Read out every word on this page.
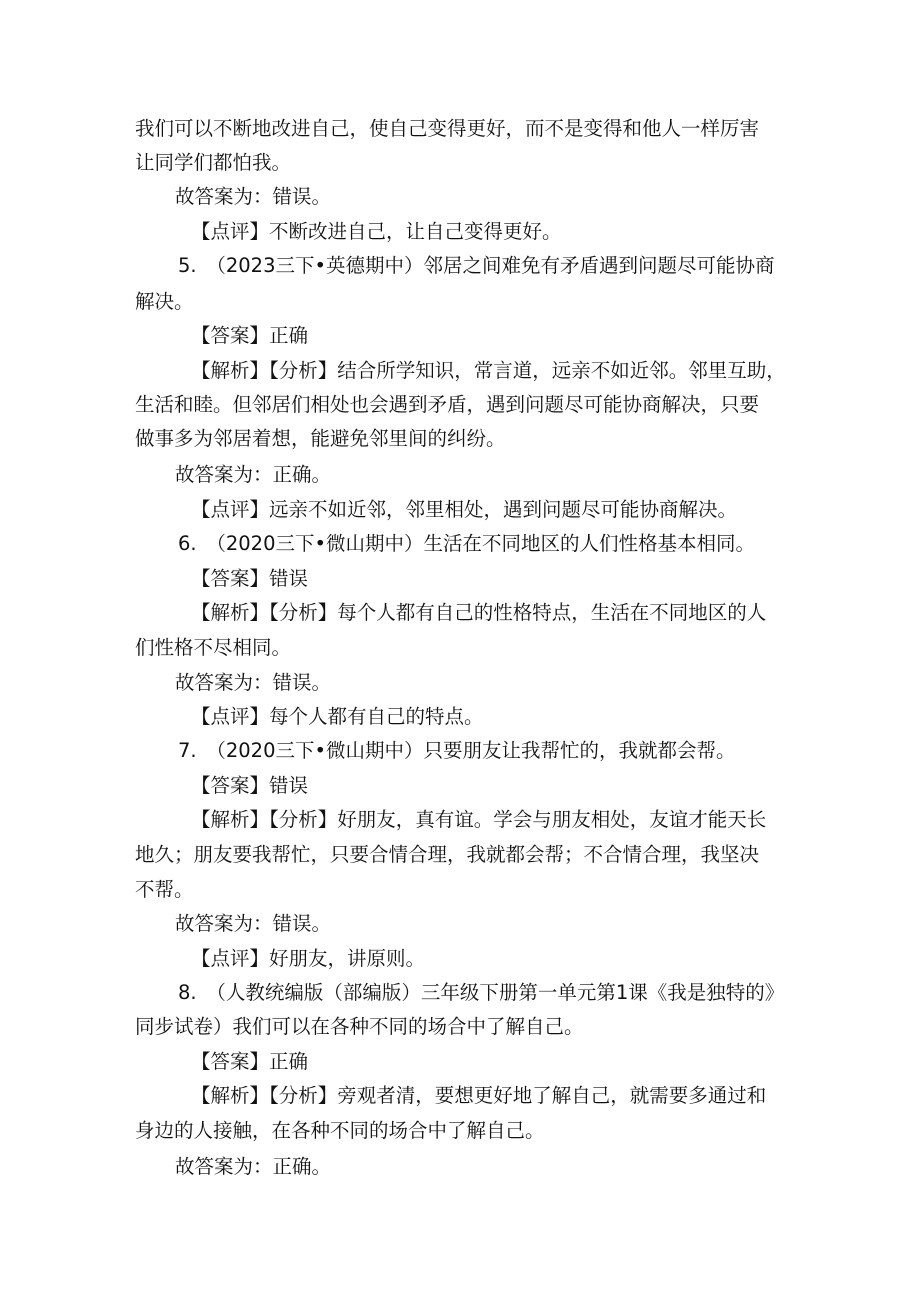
我们可以不断地改进自己，使自己变得更好，而不是变得和他人一样厉害
让同学们都怕我。
故答案为：错误。
【点评】不断改进自己，让自己变得更好。
5.　（2023三下•英德期中）邻居之间难免有矛盾遇到问题尽可能协商
解决。
【答案】正确
【解析】【分析】结合所学知识，常言道，远亲不如近邻。邻里互助，
生活和睦。但邻居们相处也会遇到矛盾，遇到问题尽可能协商解决，只要
做事多为邻居着想，能避免邻里间的纠纷。
故答案为：正确。
【点评】远亲不如近邻，邻里相处，遇到问题尽可能协商解决。
6.　（2020三下•微山期中）生活在不同地区的人们性格基本相同。
【答案】错误
【解析】【分析】每个人都有自己的性格特点，生活在不同地区的人
们性格不尽相同。
故答案为：错误。
【点评】每个人都有自己的特点。
7.　（2020三下•微山期中）只要朋友让我帮忙的，我就都会帮。
【答案】错误
【解析】【分析】好朋友，真有谊。学会与朋友相处，友谊才能天长
地久；朋友要我帮忙，只要合情合理，我就都会帮；不合情合理，我坚决
不帮。
故答案为：错误。
【点评】好朋友，讲原则。
8.　（人教统编版（部编版）三年级下册第一单元第1课《我是独特的》
同步试卷）我们可以在各种不同的场合中了解自己。
【答案】正确
【解析】【分析】旁观者清，要想更好地了解自己，就需要多通过和
身边的人接触，在各种不同的场合中了解自己。
故答案为：正确。
